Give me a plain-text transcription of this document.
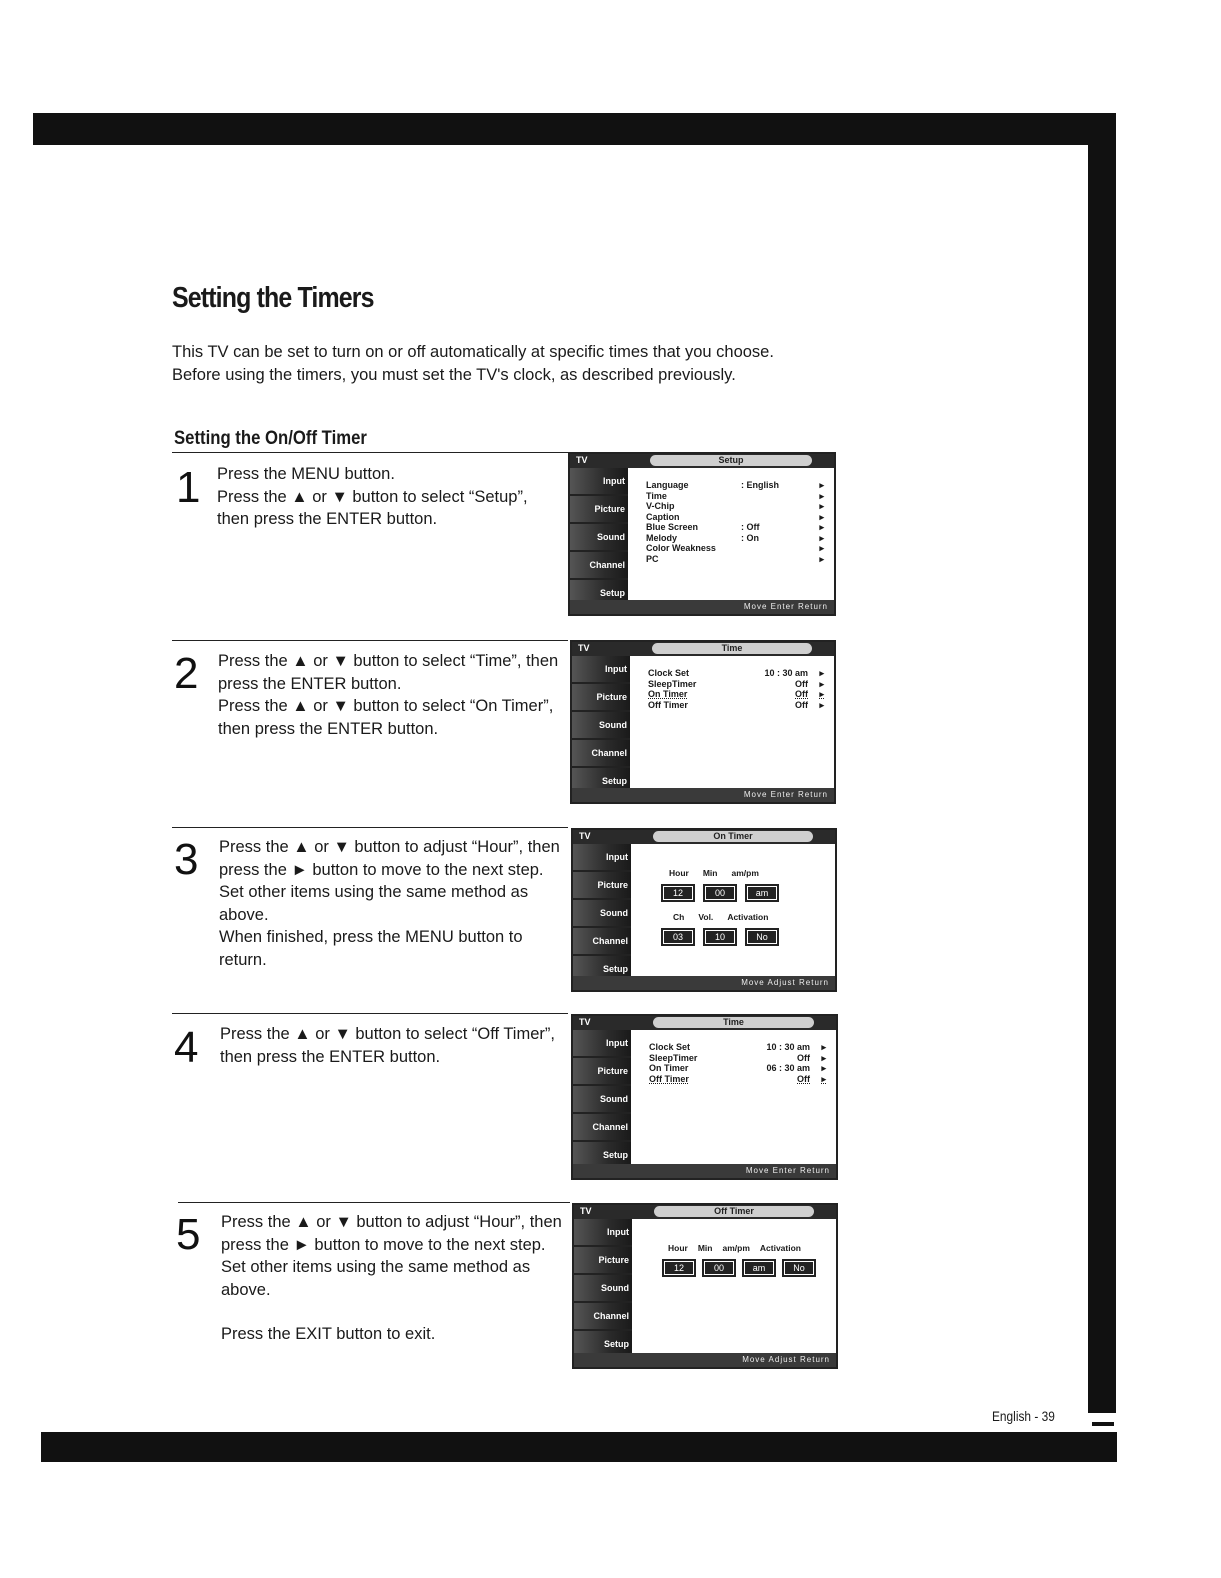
Setting the Timers

This TV can be set to turn on or off automatically at specific times that you choose. Before using the timers, you must set the TV's clock, as described previously.

Setting the On/Off Timer
1 Press the MENU button.

Press the ▲ or ▼ button to select “Setup”, then press the ENTER button.

2 Press the ▲ or ▼ button to select “Time”, then press the ENTER button.

Press the ▲ or ▼ button to select “On Timer”, then press the ENTER button.

3 Press the ▲ or ▼ button to adjust “Hour”, then press the ► button to move to the next step.

Set other items using the same method as above.

When finished, press the MENU button to return.

4 Press the ▲ or ▼ button to select “Off Timer”, then press the ENTER button.

5 Press the ▲ or ▼ button to adjust “Hour”, then press the ► button to move to the next step.

Set other items using the same method as above.

Press the EXIT button to exit.

TV	Setup
Input
Picture
Sound
Channel
Setup
Language	: English	▸
Time	▸
V-Chip	▸
Caption	▸
Blue Screen	: Off	▸
Melody	: On	▸
Color Weakness	▸
PC	▸
Move Enter Return
TV	Time
Input
Picture
Sound
Channel
Setup
Clock Set	10 : 30 am	▸
SleepTimer	Off	▸
On Timer	Off	▸
Off Timer	Off	▸
Move Enter Return
TV	On Timer
Input
Picture
Sound
Channel
Setup
Hour Min am/pm
12	00	am
Ch Vol. Activation
03	10	No
Move Adjust Return
TV	Time
Input
Picture
Sound
Channel
Setup
Clock Set	10 : 30 am	▸
SleepTimer	Off	▸
On Timer	06 : 30 am	▸
Off Timer	Off	▸
Move Enter Return
TV	Off Timer
Input
Picture
Sound
Channel
Setup
Hour Min am/pm Activation
12	00	am	No
Move Adjust Return

English - 39
